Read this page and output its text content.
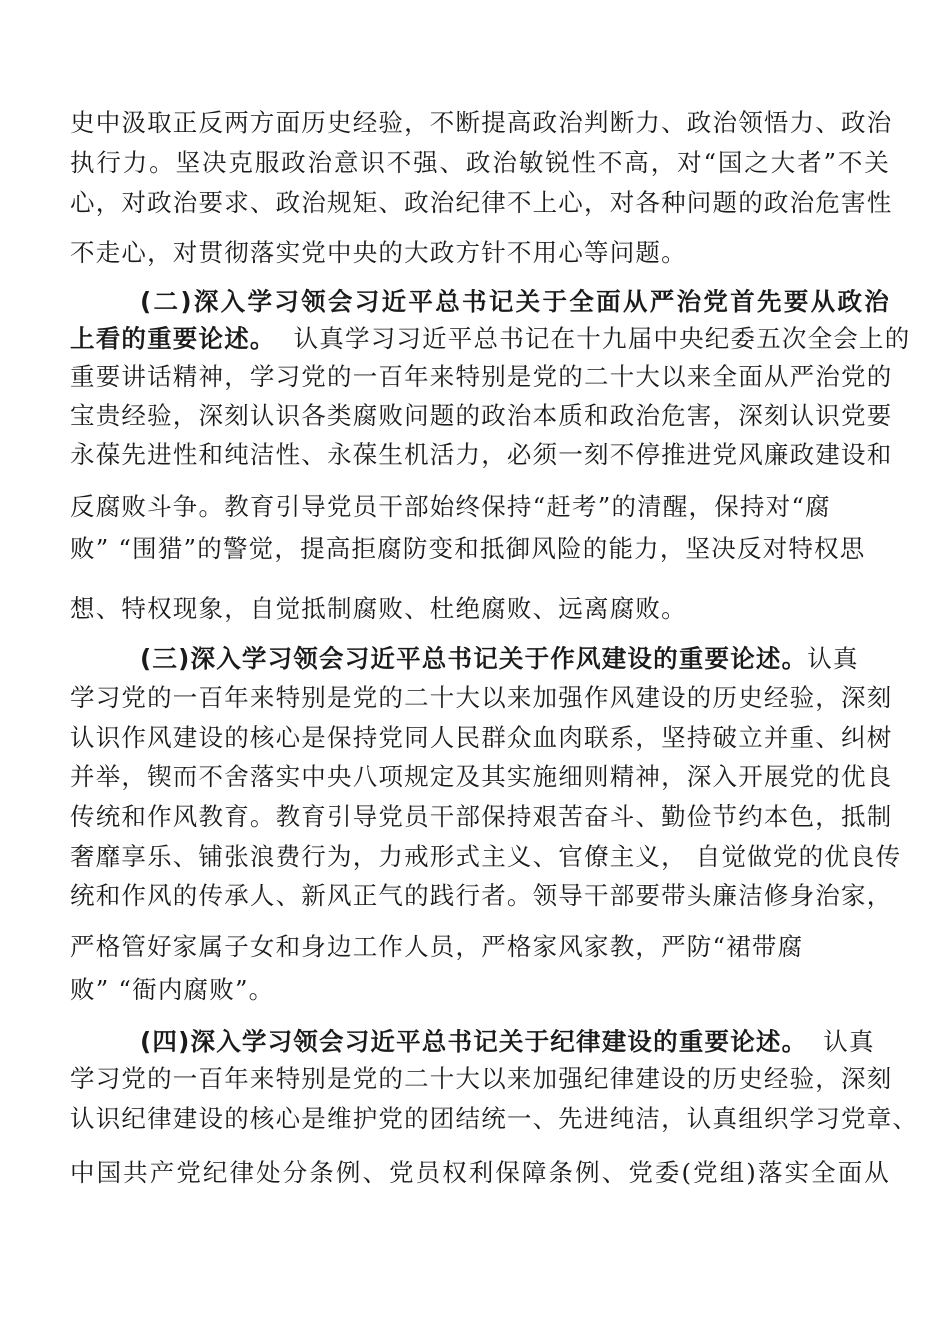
史中汲取正反两方面历史经验，不断提高政治判断力、政治领悟力、政治
执行力。坚决克服政治意识不强、政治敏锐性不高，对“国之大者”不关
心，对政治要求、政治规矩、政治纪律不上心，对各种问题的政治危害性
不走心，对贯彻落实党中央的大政方针不用心等问题。
(二)深入学习领会习近平总书记关于全面从严治党首先要从政治
上看的重要论述。 认真学习习近平总书记在十九届中央纪委五次全会上的
重要讲话精神，学习党的一百年来特别是党的二十大以来全面从严治党的
宝贵经验，深刻认识各类腐败问题的政治本质和政治危害，深刻认识党要
永葆先进性和纯洁性、永葆生机活力，必须一刻不停推进党风廉政建设和
反腐败斗争。教育引导党员干部始终保持“赶考”的清醒，保持对“腐
败” “围猎”的警觉，提高拒腐防变和抵御风险的能力，坚决反对特权思
想、特权现象，自觉抵制腐败、杜绝腐败、远离腐败。
(三)深入学习领会习近平总书记关于作风建设的重要论述。认真
学习党的一百年来特别是党的二十大以来加强作风建设的历史经验，深刻
认识作风建设的核心是保持党同人民群众血肉联系，坚持破立并重、纠树
并举，锲而不舍落实中央八项规定及其实施细则精神，深入开展党的优良
传统和作风教育。教育引导党员干部保持艰苦奋斗、勤俭节约本色，抵制
奢靡享乐、铺张浪费行为，力戒形式主义、官僚主义， 自觉做党的优良传
统和作风的传承人、新风正气的践行者。领导干部要带头廉洁修身治家，
严格管好家属子女和身边工作人员，严格家风家教，严防“裙带腐
败” “衙内腐败”。
(四)深入学习领会习近平总书记关于纪律建设的重要论述。 认真
学习党的一百年来特别是党的二十大以来加强纪律建设的历史经验，深刻
认识纪律建设的核心是维护党的团结统一、先进纯洁，认真组织学习党章、
中国共产党纪律处分条例、党员权利保障条例、党委(党组)落实全面从
